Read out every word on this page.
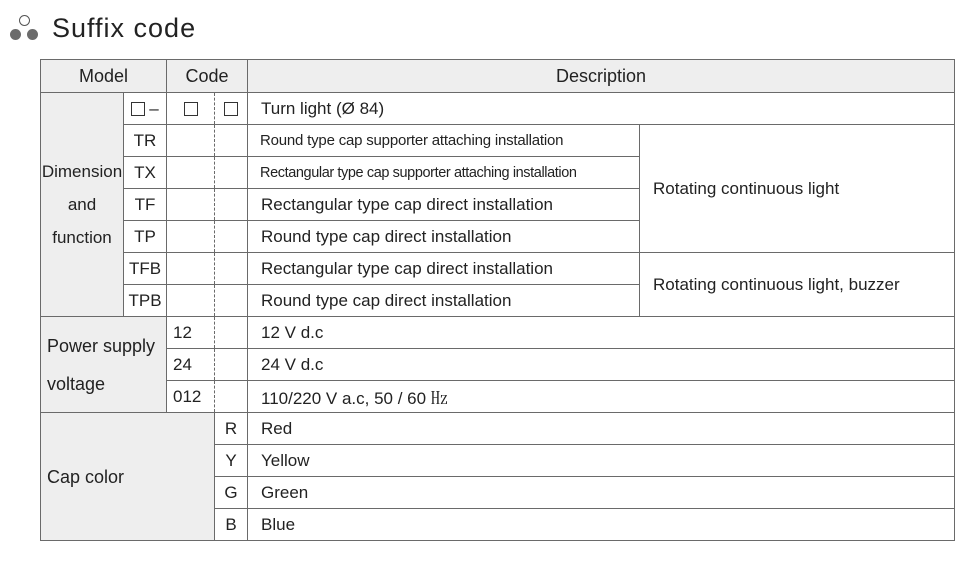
Suffix code
Model		Code		Description	
Dimension
and
function	–			Turn light (Ø 84)	
	TR			Round type cap supporter attaching installation	Rotating continuous light
	TX			Rectangular type cap supporter attaching installation	
	TF			Rectangular type cap direct installation	
	TP			Round type cap direct installation	
	TFB			Rectangular type cap direct installation	Rotating continuous light, buzzer
	TPB			Round type cap direct installation	
Power supply
voltage		12		12 V d.c	
		24		24 V d.c	
		012		110/220 V a.c, 50 / 60 ㎐	
Cap color			R	Red	
			Y	Yellow	
			G	Green	
			B	Blue	
